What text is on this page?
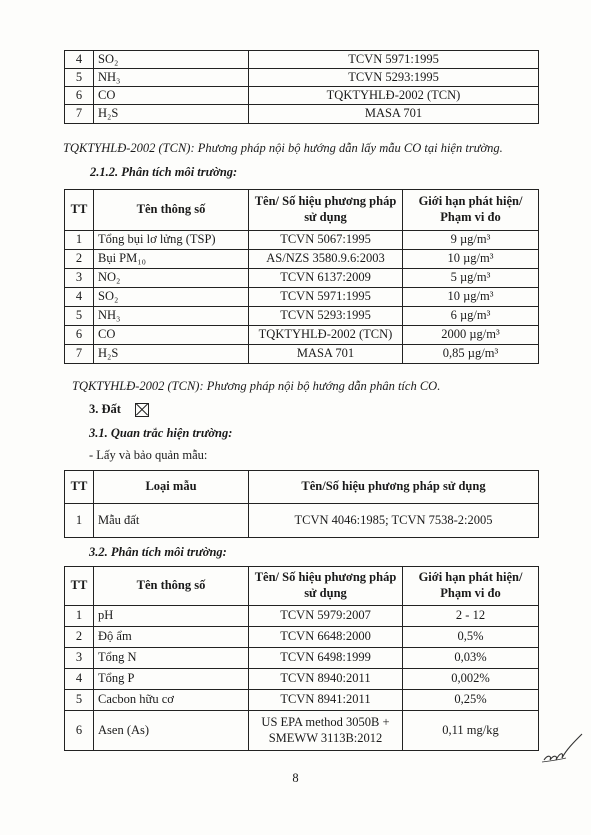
4	SO₂	TCVN 5971:1995
5	NH₃	TCVN 5293:1995
6	CO	TQKTYHLĐ-2002 (TCN)
7	H₂S	MASA 701
TQKTYHLĐ-2002 (TCN): Phương pháp nội bộ hướng dẫn lấy mẫu CO tại hiện trường.
2.1.2. Phân tích môi trường:
TT	Tên thông số	Tên/ Số hiệu phương pháp sử dụng	Giới hạn phát hiện/ Phạm vi đo
1	Tổng bụi lơ lửng (TSP)	TCVN 5067:1995	9 µg/m³
2	Bụi PM₁₀	AS/NZS 3580.9.6:2003	10 µg/m³
3	NO₂	TCVN 6137:2009	5 µg/m³
4	SO₂	TCVN 5971:1995	10 µg/m³
5	NH₃	TCVN 5293:1995	6 µg/m³
6	CO	TQKTYHLĐ-2002 (TCN)	2000 µg/m³
7	H₂S	MASA 701	0,85 µg/m³
TQKTYHLĐ-2002 (TCN): Phương pháp nội bộ hướng dẫn phân tích CO.
3. Đất
3.1. Quan trắc hiện trường:
- Lấy và bảo quản mẫu:
TT	Loại mẫu	Tên/Số hiệu phương pháp sử dụng
1	Mẫu đất	TCVN 4046:1985; TCVN 7538-2:2005
3.2. Phân tích môi trường:
TT	Tên thông số	Tên/ Số hiệu phương pháp sử dụng	Giới hạn phát hiện/ Phạm vi đo
1	pH	TCVN 5979:2007	2 - 12
2	Độ ẩm	TCVN 6648:2000	0,5%
3	Tổng N	TCVN 6498:1999	0,03%
4	Tổng P	TCVN 8940:2011	0,002%
5	Cacbon hữu cơ	TCVN 8941:2011	0,25%
6	Asen (As)	US EPA method 3050B + SMEWW 3113B:2012	0,11 mg/kg
8
